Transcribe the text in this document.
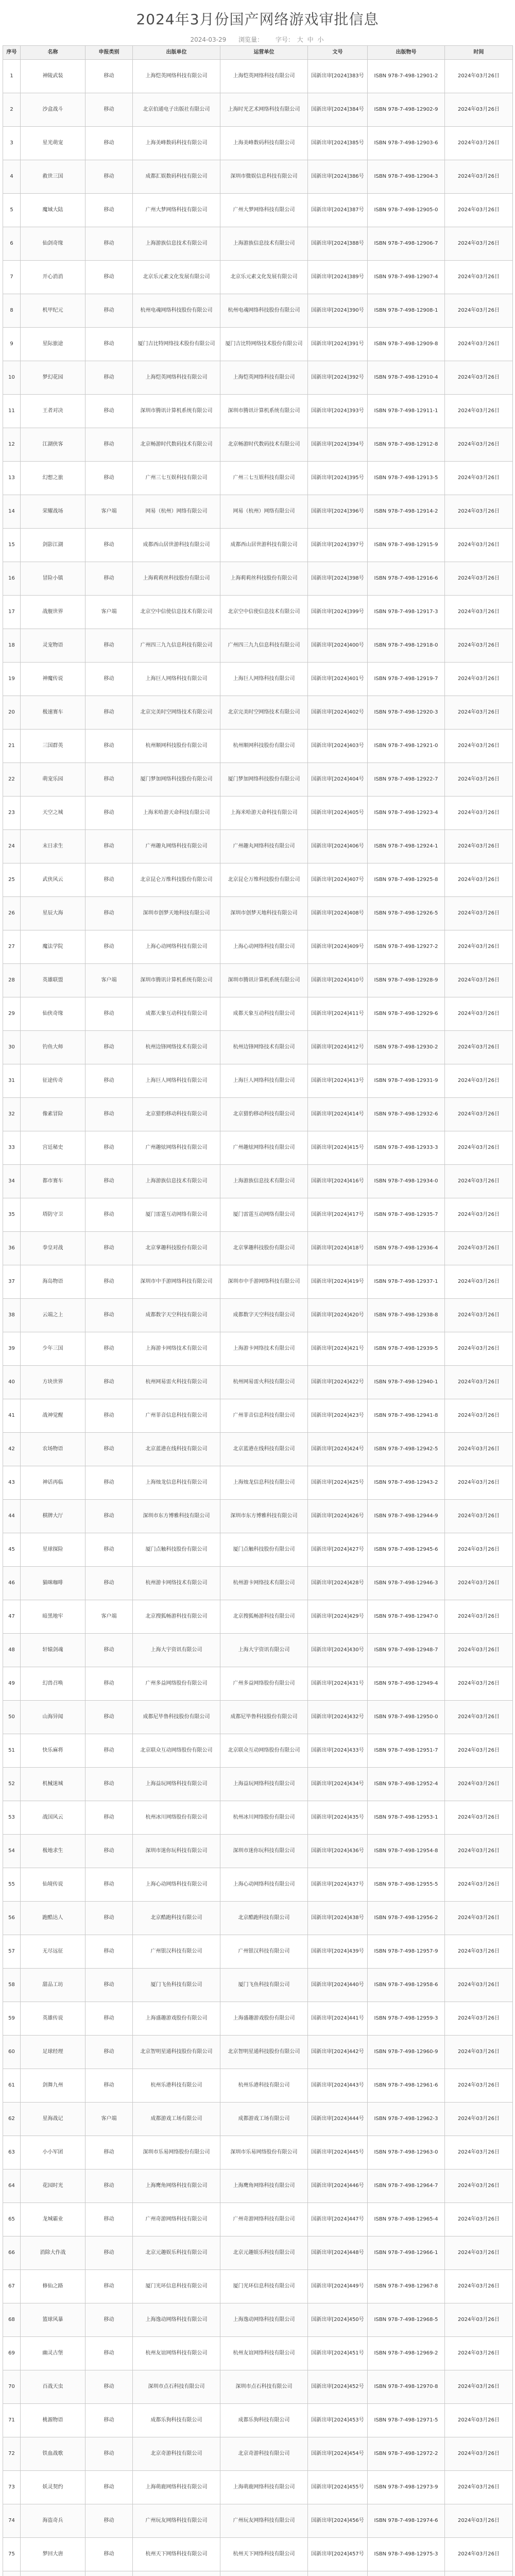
2024年3月份国产网络游戏审批信息
2024-03-29 浏览量： 字号： 大 中 小
序号	名称	申报类别	出版单位	运营单位	文号	出版物号	时间
1	神陵武装	移动	上海恺英网络科技有限公司	上海恺英网络科技有限公司	国新出审[2024]383号	ISBN 978-7-498-12901-2	2024年03月26日
2	沙盒战斗	移动	北京伯通电子出版社有限公司	上海时光艺术网络科技有限公司	国新出审[2024]384号	ISBN 978-7-498-12902-9	2024年03月26日
3	星光萌宠	移动	上海美峰数码科技有限公司	上海美峰数码科技有限公司	国新出审[2024]385号	ISBN 978-7-498-12903-6	2024年03月26日
4	救世三国	移动	成都汇娱数码科技有限公司	深圳市微娱信息科技有限公司	国新出审[2024]386号	ISBN 978-7-498-12904-3	2024年03月26日
5	魔域大陆	移动	广州大梦网络科技有限公司	广州大梦网络科技有限公司	国新出审[2024]387号	ISBN 978-7-498-12905-0	2024年03月26日
6	仙剑奇缘	移动	上海游族信息技术有限公司	上海游族信息技术有限公司	国新出审[2024]388号	ISBN 978-7-498-12906-7	2024年03月26日
7	开心消消	移动	北京乐元素文化发展有限公司	北京乐元素文化发展有限公司	国新出审[2024]389号	ISBN 978-7-498-12907-4	2024年03月26日
8	机甲纪元	移动	杭州电魂网络科技股份有限公司	杭州电魂网络科技股份有限公司	国新出审[2024]390号	ISBN 978-7-498-12908-1	2024年03月26日
9	星际旅途	移动	厦门吉比特网络技术股份有限公司	厦门吉比特网络技术股份有限公司	国新出审[2024]391号	ISBN 978-7-498-12909-8	2024年03月26日
10	梦幻花园	移动	上海恺英网络科技有限公司	上海恺英网络科技有限公司	国新出审[2024]392号	ISBN 978-7-498-12910-4	2024年03月26日
11	王者对决	移动	深圳市腾讯计算机系统有限公司	深圳市腾讯计算机系统有限公司	国新出审[2024]393号	ISBN 978-7-498-12911-1	2024年03月26日
12	江湖侠客	移动	北京畅游时代数码技术有限公司	北京畅游时代数码技术有限公司	国新出审[2024]394号	ISBN 978-7-498-12912-8	2024年03月26日
13	幻想之旅	移动	广州三七互娱科技有限公司	广州三七互娱科技有限公司	国新出审[2024]395号	ISBN 978-7-498-12913-5	2024年03月26日
14	荣耀战场	客户端	网易（杭州）网络有限公司	网易（杭州）网络有限公司	国新出审[2024]396号	ISBN 978-7-498-12914-2	2024年03月26日
15	剑影江湖	移动	成都西山居世游科技有限公司	成都西山居世游科技有限公司	国新出审[2024]397号	ISBN 978-7-498-12915-9	2024年03月26日
16	冒险小镇	移动	上海莉莉丝科技股份有限公司	上海莉莉丝科技股份有限公司	国新出审[2024]398号	ISBN 978-7-498-12916-6	2024年03月26日
17	战舰世界	客户端	北京空中信使信息技术有限公司	北京空中信使信息技术有限公司	国新出审[2024]399号	ISBN 978-7-498-12917-3	2024年03月26日
18	灵宠物语	移动	广州四三九九信息科技有限公司	广州四三九九信息科技有限公司	国新出审[2024]400号	ISBN 978-7-498-12918-0	2024年03月26日
19	神魔传说	移动	上海巨人网络科技有限公司	上海巨人网络科技有限公司	国新出审[2024]401号	ISBN 978-7-498-12919-7	2024年03月26日
20	极速赛车	移动	北京完美时空网络技术有限公司	北京完美时空网络技术有限公司	国新出审[2024]402号	ISBN 978-7-498-12920-3	2024年03月26日
21	三国群英	移动	杭州顺网科技股份有限公司	杭州顺网科技股份有限公司	国新出审[2024]403号	ISBN 978-7-498-12921-0	2024年03月26日
22	萌宠乐园	移动	厦门梦加网络科技股份有限公司	厦门梦加网络科技股份有限公司	国新出审[2024]404号	ISBN 978-7-498-12922-7	2024年03月26日
23	天空之城	移动	上海米哈游天命科技有限公司	上海米哈游天命科技有限公司	国新出审[2024]405号	ISBN 978-7-498-12923-4	2024年03月26日
24	末日求生	移动	广州趣丸网络科技有限公司	广州趣丸网络科技有限公司	国新出审[2024]406号	ISBN 978-7-498-12924-1	2024年03月26日
25	武侠风云	移动	北京昆仑万维科技股份有限公司	北京昆仑万维科技股份有限公司	国新出审[2024]407号	ISBN 978-7-498-12925-8	2024年03月26日
26	星辰大海	移动	深圳市创梦天地科技有限公司	深圳市创梦天地科技有限公司	国新出审[2024]408号	ISBN 978-7-498-12926-5	2024年03月26日
27	魔法学院	移动	上海心动网络科技有限公司	上海心动网络科技有限公司	国新出审[2024]409号	ISBN 978-7-498-12927-2	2024年03月26日
28	英雄联盟	客户端	深圳市腾讯计算机系统有限公司	深圳市腾讯计算机系统有限公司	国新出审[2024]410号	ISBN 978-7-498-12928-9	2024年03月26日
29	仙侠奇缘	移动	成都天象互动科技有限公司	成都天象互动科技有限公司	国新出审[2024]411号	ISBN 978-7-498-12929-6	2024年03月26日
30	钓鱼大师	移动	杭州边锋网络技术有限公司	杭州边锋网络技术有限公司	国新出审[2024]412号	ISBN 978-7-498-12930-2	2024年03月26日
31	征途传奇	移动	上海巨人网络科技有限公司	上海巨人网络科技有限公司	国新出审[2024]413号	ISBN 978-7-498-12931-9	2024年03月26日
32	像素冒险	移动	北京猎豹移动科技有限公司	北京猎豹移动科技有限公司	国新出审[2024]414号	ISBN 978-7-498-12932-6	2024年03月26日
33	宫廷秘史	移动	广州趣炫网络科技有限公司	广州趣炫网络科技有限公司	国新出审[2024]415号	ISBN 978-7-498-12933-3	2024年03月26日
34	都市赛车	移动	上海游族信息技术有限公司	上海游族信息技术有限公司	国新出审[2024]416号	ISBN 978-7-498-12934-0	2024年03月26日
35	塔防守卫	移动	厦门雷霆互动网络有限公司	厦门雷霆互动网络有限公司	国新出审[2024]417号	ISBN 978-7-498-12935-7	2024年03月26日
36	拳皇对战	移动	北京掌趣科技股份有限公司	北京掌趣科技股份有限公司	国新出审[2024]418号	ISBN 978-7-498-12936-4	2024年03月26日
37	海岛物语	移动	深圳市中手游网络科技有限公司	深圳市中手游网络科技有限公司	国新出审[2024]419号	ISBN 978-7-498-12937-1	2024年03月26日
38	云端之上	移动	成都数字天空科技有限公司	成都数字天空科技有限公司	国新出审[2024]420号	ISBN 978-7-498-12938-8	2024年03月26日
39	少年三国	移动	上海游卡网络技术有限公司	上海游卡网络技术有限公司	国新出审[2024]421号	ISBN 978-7-498-12939-5	2024年03月26日
40	方块世界	移动	杭州网易雷火科技有限公司	杭州网易雷火科技有限公司	国新出审[2024]422号	ISBN 978-7-498-12940-1	2024年03月26日
41	战神觉醒	移动	广州菲音信息科技有限公司	广州菲音信息科技有限公司	国新出审[2024]423号	ISBN 978-7-498-12941-8	2024年03月26日
42	农场物语	移动	北京蓝港在线科技有限公司	北京蓝港在线科技有限公司	国新出审[2024]424号	ISBN 978-7-498-12942-5	2024年03月26日
43	神话再临	移动	上海烛龙信息科技有限公司	上海烛龙信息科技有限公司	国新出审[2024]425号	ISBN 978-7-498-12943-2	2024年03月26日
44	棋牌大厅	移动	深圳市东方博雅科技有限公司	深圳市东方博雅科技有限公司	国新出审[2024]426号	ISBN 978-7-498-12944-9	2024年03月26日
45	星球探险	移动	厦门点触科技股份有限公司	厦门点触科技股份有限公司	国新出审[2024]427号	ISBN 978-7-498-12945-6	2024年03月26日
46	猫咪咖啡	移动	杭州游卡网络技术有限公司	杭州游卡网络技术有限公司	国新出审[2024]428号	ISBN 978-7-498-12946-3	2024年03月26日
47	暗黑地牢	客户端	北京搜狐畅游科技有限公司	北京搜狐畅游科技有限公司	国新出审[2024]429号	ISBN 978-7-498-12947-0	2024年03月26日
48	轩辕剑魂	移动	上海大宇资讯有限公司	上海大宇资讯有限公司	国新出审[2024]430号	ISBN 978-7-498-12948-7	2024年03月26日
49	幻兽召唤	移动	广州多益网络股份有限公司	广州多益网络股份有限公司	国新出审[2024]431号	ISBN 978-7-498-12949-4	2024年03月26日
50	山海异闻	移动	成都尼毕鲁科技股份有限公司	成都尼毕鲁科技股份有限公司	国新出审[2024]432号	ISBN 978-7-498-12950-0	2024年03月26日
51	快乐麻将	移动	北京联众互动网络股份有限公司	北京联众互动网络股份有限公司	国新出审[2024]433号	ISBN 978-7-498-12951-7	2024年03月26日
52	机械迷城	移动	上海益玩网络科技有限公司	上海益玩网络科技有限公司	国新出审[2024]434号	ISBN 978-7-498-12952-4	2024年03月26日
53	战国风云	移动	杭州冰川网络股份有限公司	杭州冰川网络股份有限公司	国新出审[2024]435号	ISBN 978-7-498-12953-1	2024年03月26日
54	极地求生	移动	深圳市迷你玩科技有限公司	深圳市迷你玩科技有限公司	国新出审[2024]436号	ISBN 978-7-498-12954-8	2024年03月26日
55	仙境传说	移动	上海心动网络科技有限公司	上海心动网络科技有限公司	国新出审[2024]437号	ISBN 978-7-498-12955-5	2024年03月26日
56	跑酷达人	移动	北京酷跑科技有限公司	北京酷跑科技有限公司	国新出审[2024]438号	ISBN 978-7-498-12956-2	2024年03月26日
57	无尽远征	移动	广州银汉科技有限公司	广州银汉科技有限公司	国新出审[2024]439号	ISBN 978-7-498-12957-9	2024年03月26日
58	甜品工坊	移动	厦门飞鱼科技有限公司	厦门飞鱼科技有限公司	国新出审[2024]440号	ISBN 978-7-498-12958-6	2024年03月26日
59	英雄传说	移动	上海盛趣游戏股份有限公司	上海盛趣游戏股份有限公司	国新出审[2024]441号	ISBN 978-7-498-12959-3	2024年03月26日
60	足球经理	移动	北京智明星通科技股份有限公司	北京智明星通科技股份有限公司	国新出审[2024]442号	ISBN 978-7-498-12960-9	2024年03月26日
61	剑舞九州	移动	杭州乐港科技有限公司	杭州乐港科技有限公司	国新出审[2024]443号	ISBN 978-7-498-12961-6	2024年03月26日
62	星海战记	客户端	成都游戏工场有限公司	成都游戏工场有限公司	国新出审[2024]444号	ISBN 978-7-498-12962-3	2024年03月26日
63	小小军团	移动	深圳市乐易网络股份有限公司	深圳市乐易网络股份有限公司	国新出审[2024]445号	ISBN 978-7-498-12963-0	2024年03月26日
64	花园时光	移动	上海鹰角网络科技有限公司	上海鹰角网络科技有限公司	国新出审[2024]446号	ISBN 978-7-498-12964-7	2024年03月26日
65	龙城霸业	移动	广州奇游网络科技有限公司	广州奇游网络科技有限公司	国新出审[2024]447号	ISBN 978-7-498-12965-4	2024年03月26日
66	消除大作战	移动	北京元趣娱乐科技有限公司	北京元趣娱乐科技有限公司	国新出审[2024]448号	ISBN 978-7-498-12966-1	2024年03月26日
67	修仙之路	移动	厦门光环信息科技有限公司	厦门光环信息科技有限公司	国新出审[2024]449号	ISBN 978-7-498-12967-8	2024年03月26日
68	篮球风暴	移动	上海逸动网络科技有限公司	上海逸动网络科技有限公司	国新出审[2024]450号	ISBN 978-7-498-12968-5	2024年03月26日
69	幽灵古堡	移动	杭州友谊网络科技有限公司	杭州友谊网络科技有限公司	国新出审[2024]451号	ISBN 978-7-498-12969-2	2024年03月26日
70	百战天虫	移动	深圳市点石科技有限公司	深圳市点石科技有限公司	国新出审[2024]452号	ISBN 978-7-498-12970-8	2024年03月26日
71	桃源物语	移动	成都乐狗科技有限公司	成都乐狗科技有限公司	国新出审[2024]453号	ISBN 978-7-498-12971-5	2024年03月26日
72	铁血战歌	移动	北京奇游科技有限公司	北京奇游科技有限公司	国新出审[2024]454号	ISBN 978-7-498-12972-2	2024年03月26日
73	妖灵契约	移动	上海萌鹿网络科技有限公司	上海萌鹿网络科技有限公司	国新出审[2024]455号	ISBN 978-7-498-12973-9	2024年03月26日
74	海盗奇兵	移动	广州玩友网络科技有限公司	广州玩友网络科技有限公司	国新出审[2024]456号	ISBN 978-7-498-12974-6	2024年03月26日
75	梦回大唐	移动	杭州天下网络科技有限公司	杭州天下网络科技有限公司	国新出审[2024]457号	ISBN 978-7-498-12975-3	2024年03月26日
